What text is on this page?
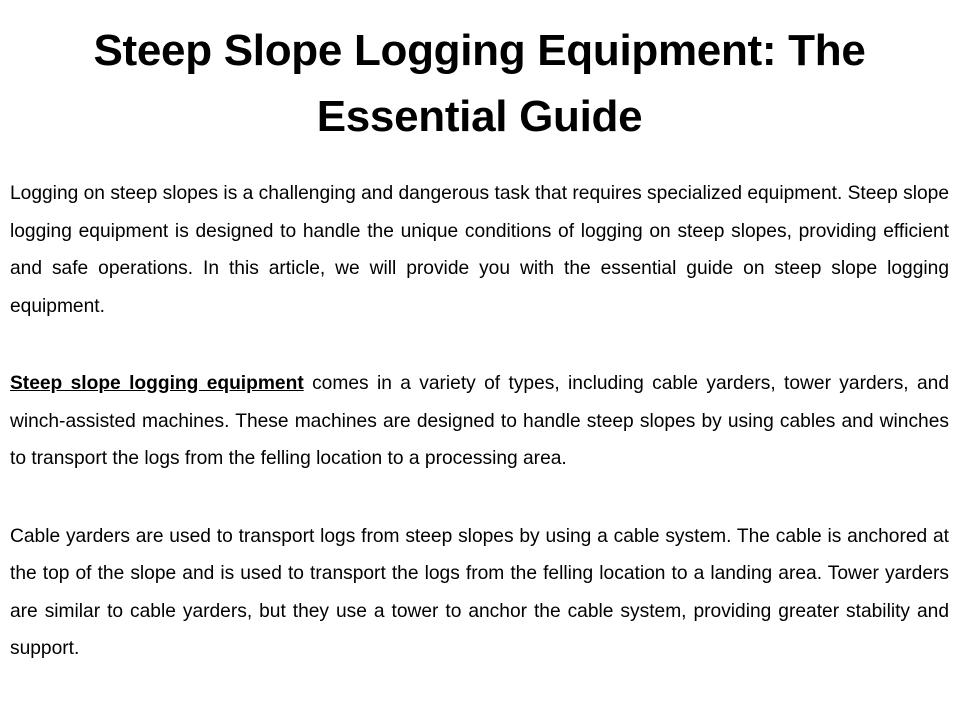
Steep Slope Logging Equipment: The Essential Guide

Logging on steep slopes is a challenging and dangerous task that requires specialized equipment. Steep slope logging equipment is designed to handle the unique conditions of logging on steep slopes, providing efficient and safe operations. In this article, we will provide you with the essential guide on steep slope logging equipment.

Steep slope logging equipment comes in a variety of types, including cable yarders, tower yarders, and winch-assisted machines. These machines are designed to handle steep slopes by using cables and winches to transport the logs from the felling location to a processing area.

Cable yarders are used to transport logs from steep slopes by using a cable system. The cable is anchored at the top of the slope and is used to transport the logs from the felling location to a landing area. Tower yarders are similar to cable yarders, but they use a tower to anchor the cable system, providing greater stability and support.
